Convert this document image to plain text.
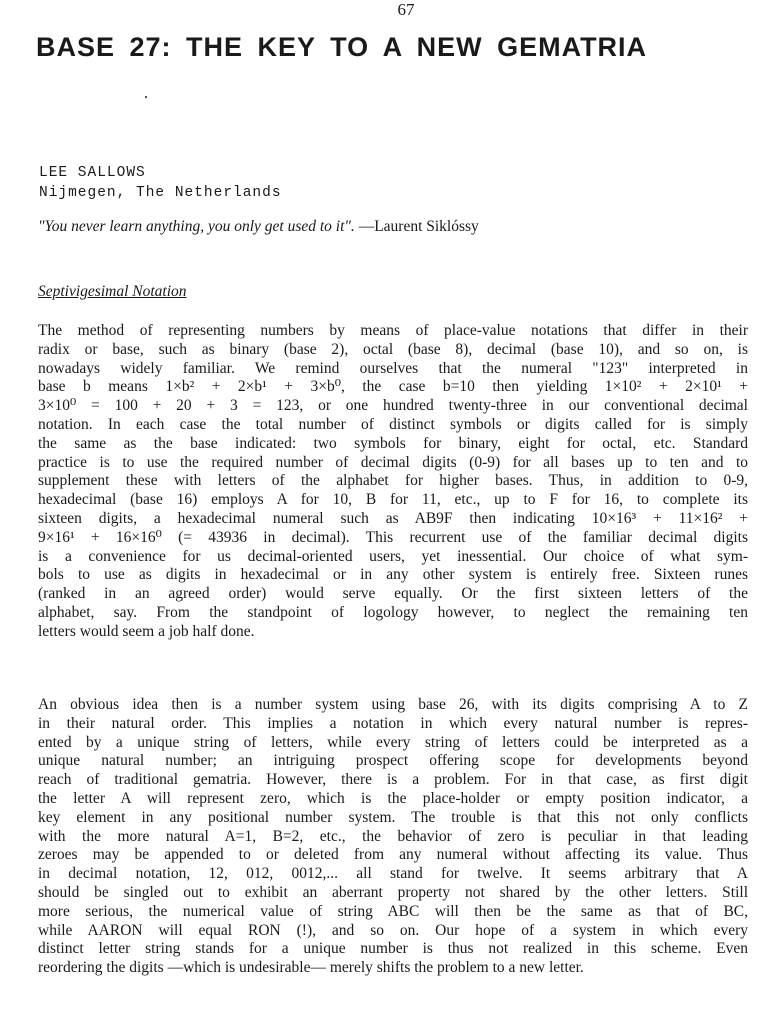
67
BASE 27: THE KEY TO A NEW GEMATRIA
LEE SALLOWS
Nijmegen, The Netherlands
"You never learn anything, you only get used to it". —Laurent Siklóssy
Septivigesimal Notation

The method of representing numbers by means of place-value notations that differ in their
radix or base, such as binary (base 2), octal (base 8), decimal (base 10), and so on, is
nowadays widely familiar. We remind ourselves that the numeral "123" interpreted in
base b means 1×b² + 2×b¹ + 3×b⁰, the case b=10 then yielding 1×10² + 2×10¹ +
3×10⁰ = 100 + 20 + 3 = 123, or one hundred twenty-three in our conventional decimal
notation. In each case the total number of distinct symbols or digits called for is simply
the same as the base indicated: two symbols for binary, eight for octal, etc. Standard
practice is to use the required number of decimal digits (0-9) for all bases up to ten and to
supplement these with letters of the alphabet for higher bases. Thus, in addition to 0-9,
hexadecimal (base 16) employs A for 10, B for 11, etc., up to F for 16, to complete its
sixteen digits, a hexadecimal numeral such as AB9F then indicating 10×16³ + 11×16² +
9×16¹ + 16×16⁰ (= 43936 in decimal). This recurrent use of the familiar decimal digits
is a convenience for us decimal-oriented users, yet inessential. Our choice of what sym-
bols to use as digits in hexadecimal or in any other system is entirely free. Sixteen runes
(ranked in an agreed order) would serve equally. Or the first sixteen letters of the
alphabet, say. From the standpoint of logology however, to neglect the remaining ten
letters would seem a job half done.

An obvious idea then is a number system using base 26, with its digits comprising A to Z
in their natural order. This implies a notation in which every natural number is repres-
ented by a unique string of letters, while every string of letters could be interpreted as a
unique natural number; an intriguing prospect offering scope for developments beyond
reach of traditional gematria. However, there is a problem. For in that case, as first digit
the letter A will represent zero, which is the place-holder or empty position indicator, a
key element in any positional number system. The trouble is that this not only conflicts
with the more natural A=1, B=2, etc., the behavior of zero is peculiar in that leading
zeroes may be appended to or deleted from any numeral without affecting its value. Thus
in decimal notation, 12, 012, 0012,... all stand for twelve. It seems arbitrary that A
should be singled out to exhibit an aberrant property not shared by the other letters. Still
more serious, the numerical value of string ABC will then be the same as that of BC,
while AARON will equal RON (!), and so on. Our hope of a system in which every
distinct letter string stands for a unique number is thus not realized in this scheme. Even
reordering the digits —which is undesirable— merely shifts the problem to a new letter.
